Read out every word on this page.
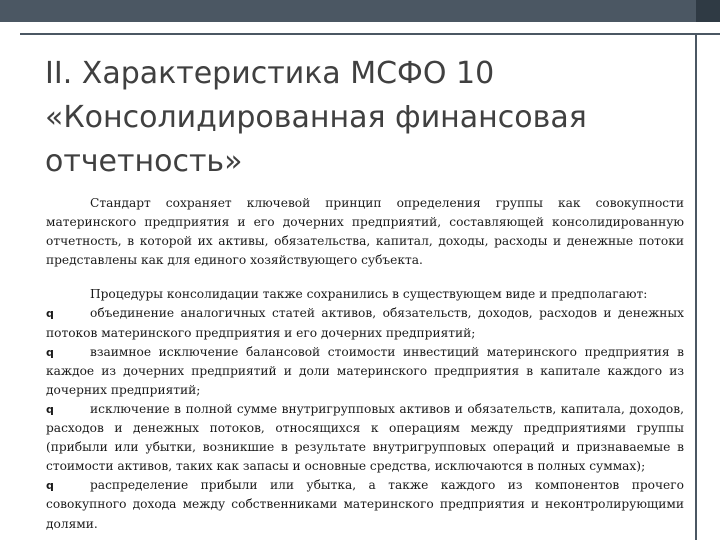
II. Характеристика МСФО 10 «Консолидированная финансовая отчетность»

Стандарт сохраняет ключевой принцип определения группы как совокупности материнского предприятия и его дочерних предприятий, составляющей консолидированную отчетность, в которой их активы, обязательства, капитал, доходы, расходы и денежные потоки представлены как для единого хозяйствующего субъекта.

Процедуры консолидации также сохранились в существующем виде и предполагают:

q	объединение аналогичных статей активов, обязательств, доходов, расходов и денежных потоков материнского предприятия и его дочерних предприятий;

q	взаимное исключение балансовой стоимости инвестиций материнского предприятия в каждое из дочерних предприятий и доли материнского предприятия в капитале каждого из дочерних предприятий;

q	исключение в полной сумме внутригрупповых активов и обязательств, капитала, доходов, расходов и денежных потоков, относящихся к операциям между предприятиями группы (прибыли или убытки, возникшие в результате внутригрупповых операций и признаваемые в стоимости активов, таких как запасы и основные средства, исключаются в полных суммах);

q	распределение прибыли или убытка, а также каждого из компонентов прочего совокупного дохода между собственниками материнского предприятия и неконтролирующими долями.
